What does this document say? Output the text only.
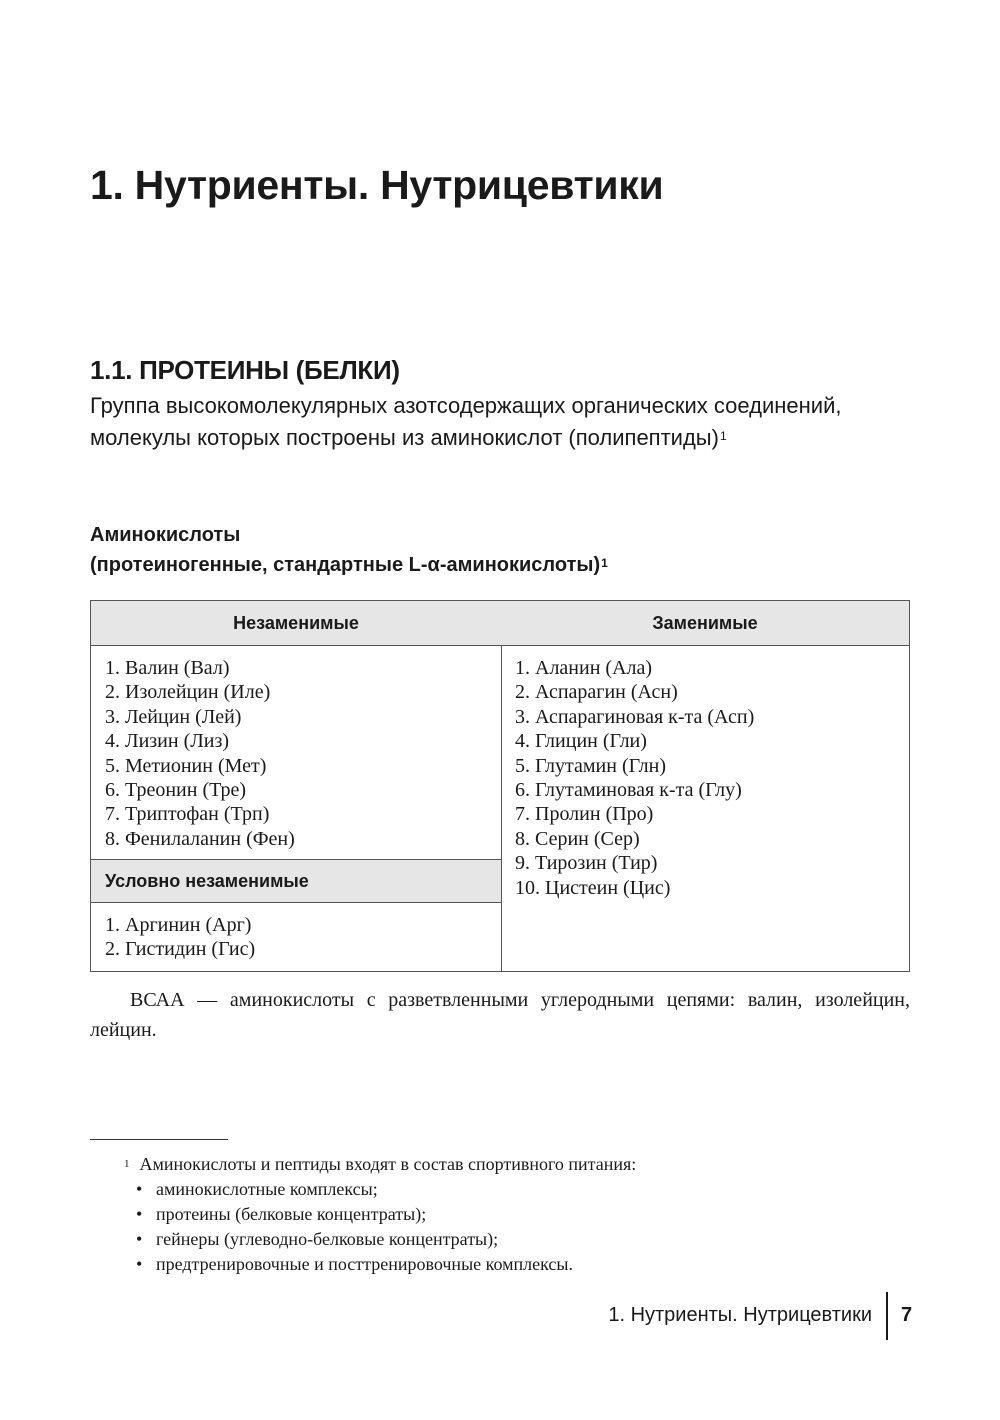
1. Нутриенты. Нутрицевтики
1.1. ПРОТЕИНЫ (БЕЛКИ)

Группа высокомолекулярных азотсодержащих органических соединений, молекулы которых построены из аминокислот (полипептиды)$^1$

Аминокислоты
(протеиногенные, стандартные L-α-аминокислоты)$^1$
Незаменимые
1. Валин (Вал)
2. Изолейцин (Иле)
3. Лейцин (Лей)
4. Лизин (Лиз)
5. Метионин (Мет)
6. Треонин (Тре)
7. Триптофан (Трп)
8. Фенилаланин (Фен)
Условно незаменимые
1. Аргинин (Арг)
2. Гистидин (Гис)
Заменимые
1. Аланин (Ала)
2. Аспарагин (Асн)
3. Аспарагиновая к-та (Асп)
4. Глицин (Гли)
5. Глутамин (Глн)
6. Глутаминовая к-та (Глу)
7. Пролин (Про)
8. Серин (Сер)
9. Тирозин (Тир)
10. Цистеин (Цис)

ВСАА — аминокислоты с разветвленными углеродными цепями: валин, изолейцин, лейцин.

$^1$ Аминокислоты и пептиды входят в состав спортивного питания:

• аминокислотные комплексы;
• протеины (белковые концентраты);
• гейнеры (углеводно-белковые концентраты);
• предтренировочные и посттренировочные комплексы.
1. Нутриенты. Нутрицевтики 7
